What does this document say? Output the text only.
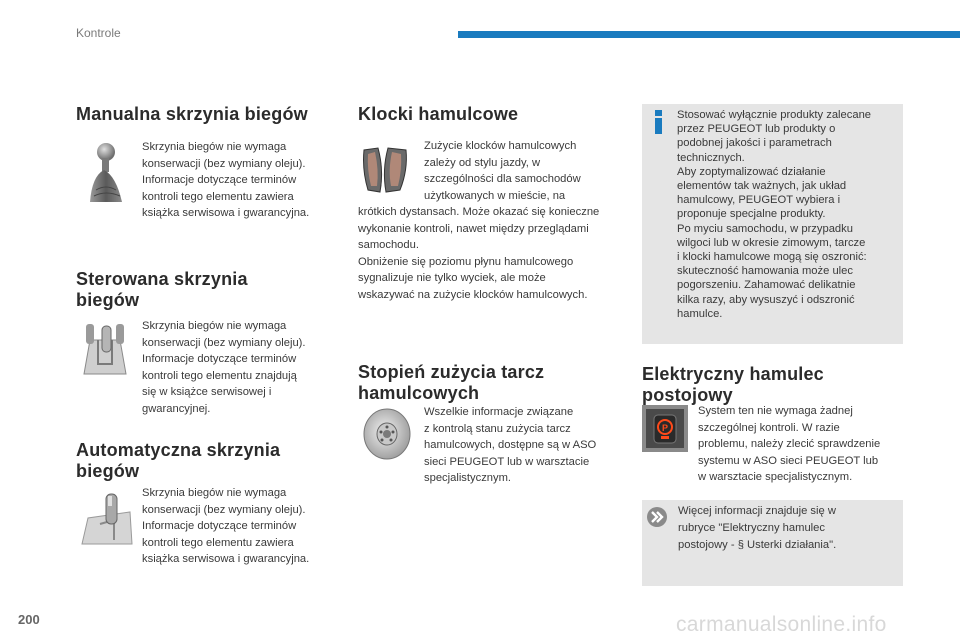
Kontrole
Manualna skrzynia biegów
Skrzynia biegów nie wymaga
konserwacji (bez wymiany oleju).
Informacje dotyczące terminów
kontroli tego elementu zawiera
książka serwisowa i gwarancyjna.
Sterowana skrzynia
biegów
Skrzynia biegów nie wymaga
konserwacji (bez wymiany oleju).
Informacje dotyczące terminów
kontroli tego elementu znajdują
się w książce serwisowej i
gwarancyjnej.
Automatyczna skrzynia
biegów
Skrzynia biegów nie wymaga
konserwacji (bez wymiany oleju).
Informacje dotyczące terminów
kontroli tego elementu zawiera
książka serwisowa i gwarancyjna.
Klocki hamulcowe
Zużycie klocków hamulcowych
zależy od stylu jazdy, w
szczególności dla samochodów
użytkowanych w mieście, na
krótkich dystansach. Może okazać się konieczne
wykonanie kontroli, nawet między przeglądami
samochodu.
Obniżenie się poziomu płynu hamulcowego
sygnalizuje nie tylko wyciek, ale może
wskazywać na zużycie klocków hamulcowych.
Stopień zużycia tarcz
hamulcowych
Wszelkie informacje związane
z kontrolą stanu zużycia tarcz
hamulcowych, dostępne są w ASO
sieci PEUGEOT lub w warsztacie
specjalistycznym.
Stosować wyłącznie produkty zalecane
przez PEUGEOT lub produkty o
podobnej jakości i parametrach
technicznych.
Aby zoptymalizować działanie
elementów tak ważnych, jak układ
hamulcowy, PEUGEOT wybiera i
proponuje specjalne produkty.
Po myciu samochodu, w przypadku
wilgoci lub w okresie zimowym, tarcze
i klocki hamulcowe mogą się oszronić:
skuteczność hamowania może ulec
pogorszeniu. Zahamować delikatnie
kilka razy, aby wysuszyć i odszronić
hamulce.
Elektryczny hamulec
postojowy
P
System ten nie wymaga żadnej
szczególnej kontroli. W razie
problemu, należy zlecić sprawdzenie
systemu w ASO sieci PEUGEOT lub
w warsztacie specjalistycznym.
Więcej informacji znajduje się w
rubryce "Elektryczny hamulec
postojowy - § Usterki działania".
200	carmanualsonline.info
